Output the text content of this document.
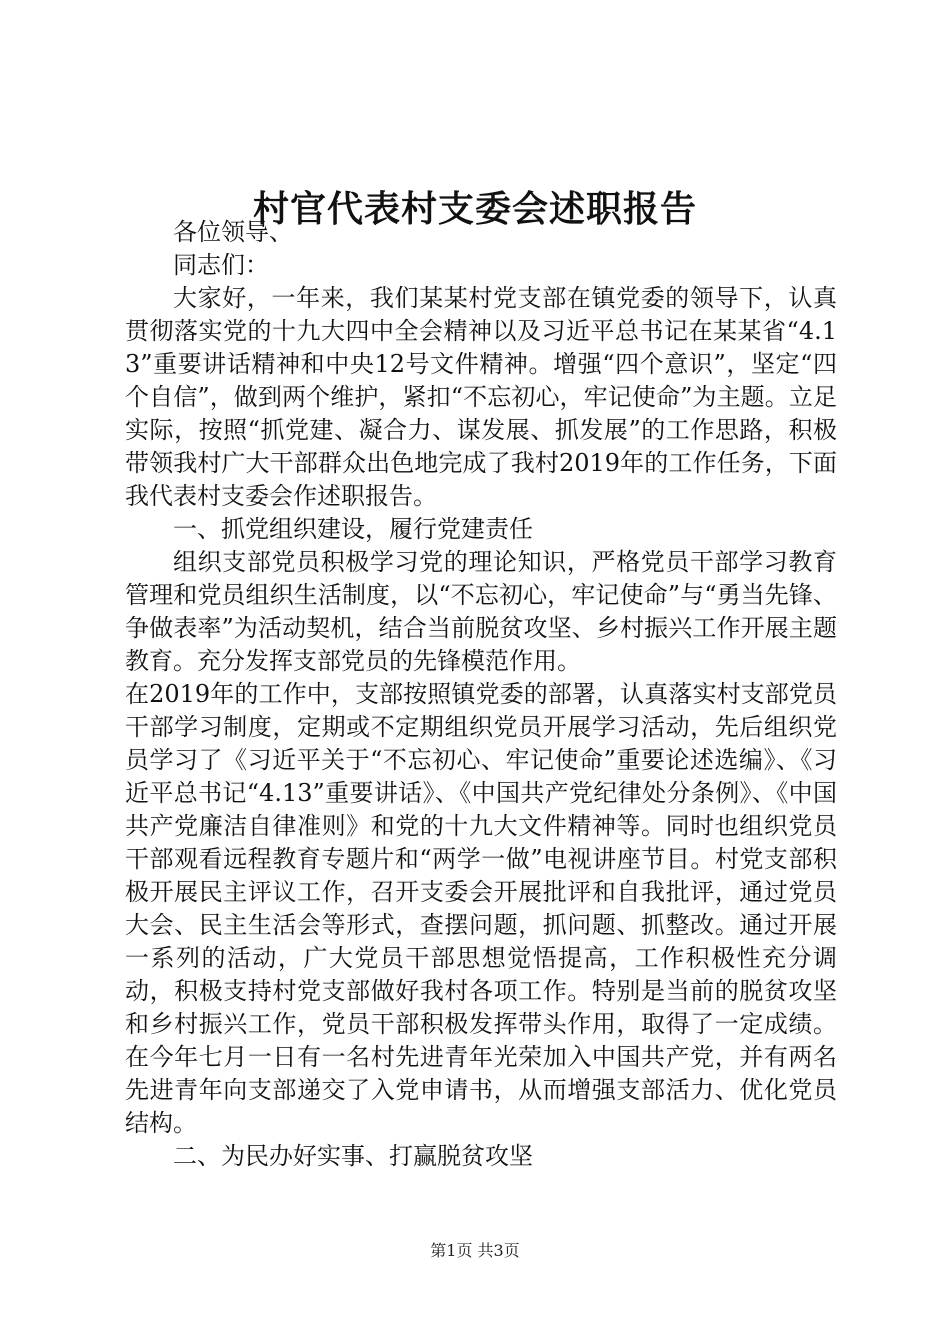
村官代表村支委会述职报告

各位领导、

同志们：

大家好，一年来，我们某某村党支部在镇党委的领导下，认真贯彻落实党的十九大四中全会精神以及习近平总书记在某某省“4.13”重要讲话精神和中央12号文件精神。增强“四个意识”，坚定“四个自信”，做到两个维护，紧扣“不忘初心，牢记使命”为主题。立足实际，按照“抓党建、凝合力、谋发展、抓发展”的工作思路，积极带领我村广大干部群众出色地完成了我村2019年的工作任务，下面我代表村支委会作述职报告。

一、抓党组织建设，履行党建责任

组织支部党员积极学习党的理论知识，严格党员干部学习教育管理和党员组织生活制度，以“不忘初心，牢记使命”与“勇当先锋、争做表率”为活动契机，结合当前脱贫攻坚、乡村振兴工作开展主题教育。充分发挥支部党员的先锋模范作用。

在2019年的工作中，支部按照镇党委的部署，认真落实村支部党员干部学习制度，定期或不定期组织党员开展学习活动，先后组织党员学习了《习近平关于“不忘初心、牢记使命”重要论述选编》、《习近平总书记“4.13”重要讲话》、《中国共产党纪律处分条例》、《中国共产党廉洁自律准则》和党的十九大文件精神等。同时也组织党员干部观看远程教育专题片和“两学一做”电视讲座节目。村党支部积极开展民主评议工作，召开支委会开展批评和自我批评，通过党员大会、民主生活会等形式，查摆问题，抓问题、抓整改。通过开展一系列的活动，广大党员干部思想觉悟提高，工作积极性充分调动，积极支持村党支部做好我村各项工作。特别是当前的脱贫攻坚和乡村振兴工作，党员干部积极发挥带头作用，取得了一定成绩。在今年七月一日有一名村先进青年光荣加入中国共产党，并有两名先进青年向支部递交了入党申请书，从而增强支部活力、优化党员结构。

二、为民办好实事、打赢脱贫攻坚

第1页 共3页
